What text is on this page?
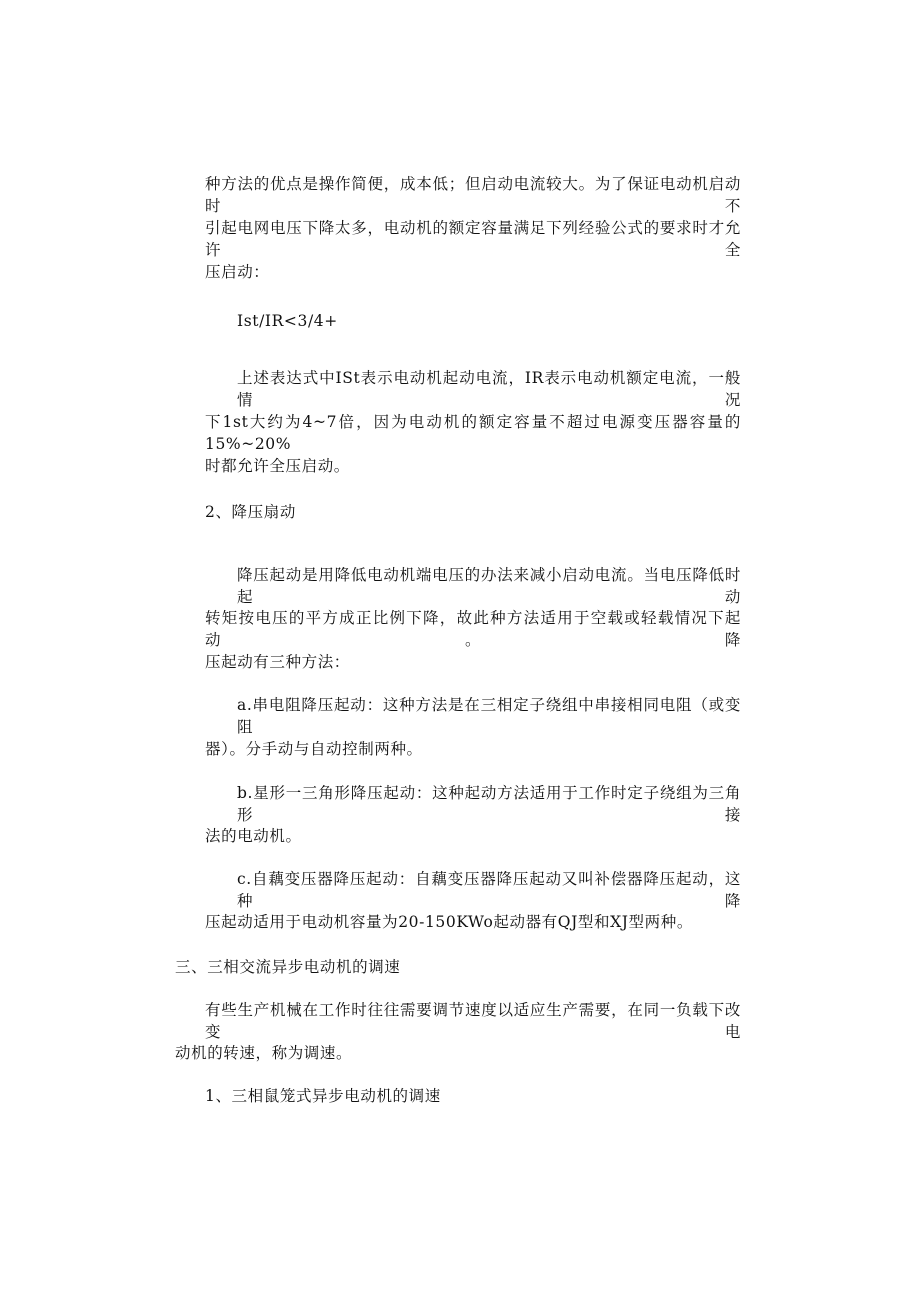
种方法的优点是操作简便，成本低；但启动电流较大。为了保证电动机启动时不
引起电网电压下降太多，电动机的额定容量满足下列经验公式的要求时才允许全
压启动：
Ist/IR<3/4+
上述表达式中ISt表示电动机起动电流，IR表示电动机额定电流，一般情况
下1st大约为4~7倍，因为电动机的额定容量不超过电源变压器容量的15%~20%
时都允许全压启动。
2、降压扇动
降压起动是用降低电动机端电压的办法来减小启动电流。当电压降低时起动
转矩按电压的平方成正比例下降，故此种方法适用于空载或轻载情况下起动。降
压起动有三种方法：
a.串电阻降压起动：这种方法是在三相定子绕组中串接相同电阻（或变阻
器）。分手动与自动控制两种。
b.星形一三角形降压起动：这种起动方法适用于工作时定子绕组为三角形接
法的电动机。
c.自藕变压器降压起动：自藕变压器降压起动又叫补偿器降压起动，这种降
压起动适用于电动机容量为20-150KWo起动器有QJ型和XJ型两种。
三、三相交流异步电动机的调速
有些生产机械在工作时往往需要调节速度以适应生产需要，在同一负载下改变电
动机的转速，称为调速。
1、三相鼠笼式异步电动机的调速
